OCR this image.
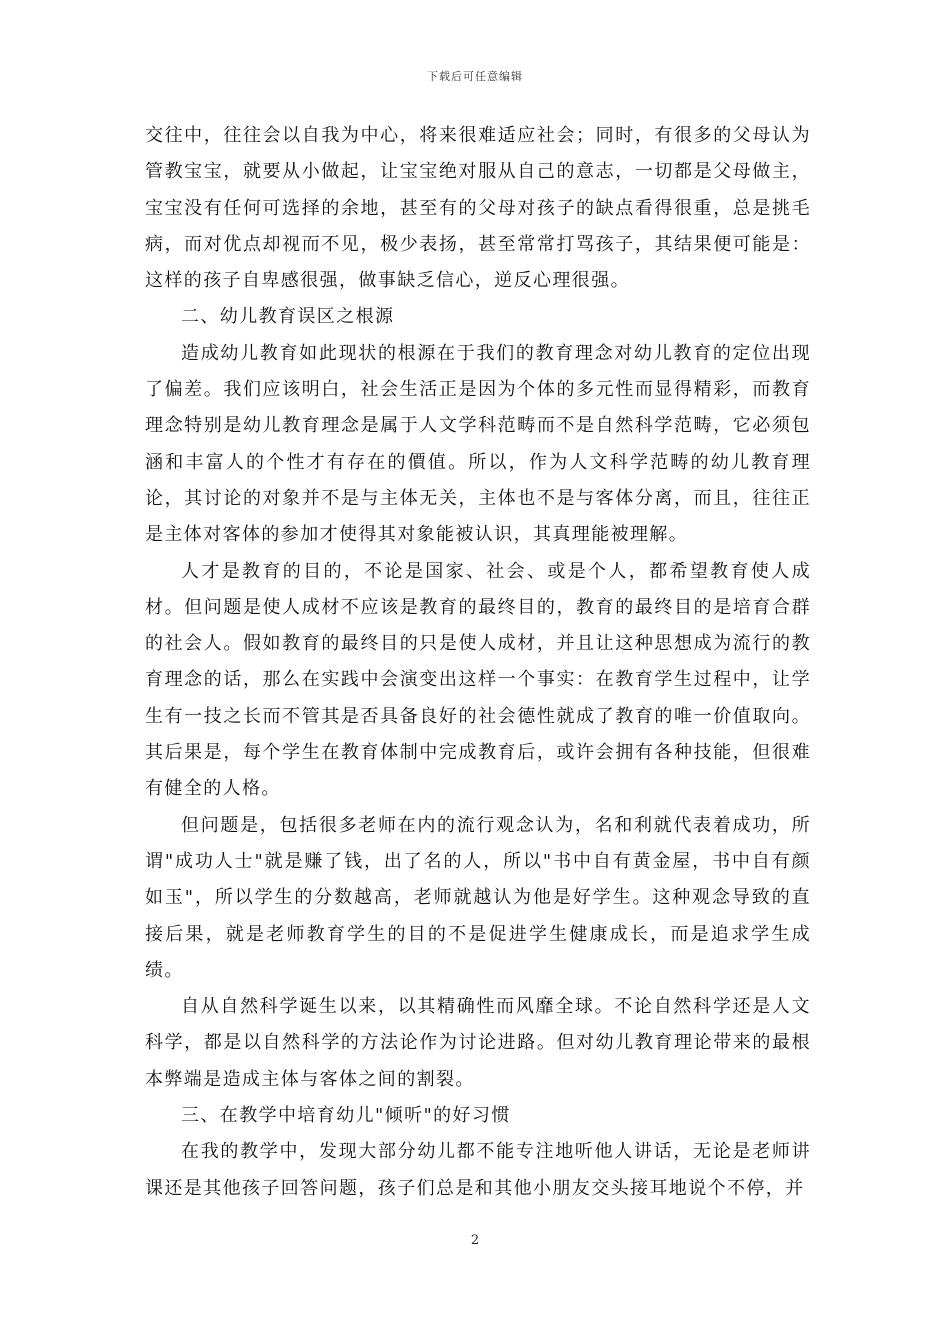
下载后可任意编辑

交往中，往往会以自我为中心，将来很难适应社会；同时，有很多的父母认为管教宝宝，就要从小做起，让宝宝绝对服从自己的意志，一切都是父母做主，宝宝没有任何可选择的余地，甚至有的父母对孩子的缺点看得很重，总是挑毛病，而对优点却视而不见，极少表扬，甚至常常打骂孩子，其结果便可能是：这样的孩子自卑感很强，做事缺乏信心，逆反心理很强。

二、幼儿教育误区之根源

造成幼儿教育如此现状的根源在于我们的教育理念对幼儿教育的定位出现了偏差。我们应该明白，社会生活正是因为个体的多元性而显得精彩，而教育理念特别是幼儿教育理念是属于人文学科范畴而不是自然科学范畴，它必须包涵和丰富人的个性才有存在的價值。所以，作为人文科学范畴的幼儿教育理论，其讨论的对象并不是与主体无关，主体也不是与客体分离，而且，往往正是主体对客体的参加才使得其对象能被认识，其真理能被理解。

人才是教育的目的，不论是国家、社会、或是个人，都希望教育使人成材。但问题是使人成材不应该是教育的最终目的，教育的最终目的是培育合群的社会人。假如教育的最终目的只是使人成材，并且让这种思想成为流行的教育理念的话，那么在实践中会演变出这样一个事实：在教育学生过程中，让学生有一技之长而不管其是否具备良好的社会德性就成了教育的唯一价值取向。其后果是，每个学生在教育体制中完成教育后，或许会拥有各种技能，但很难有健全的人格。

但问题是，包括很多老师在内的流行观念认为，名和利就代表着成功，所谓"成功人士"就是赚了钱，出了名的人，所以"书中自有黄金屋，书中自有颜如玉"，所以学生的分数越高，老师就越认为他是好学生。这种观念导致的直接后果，就是老师教育学生的目的不是促进学生健康成长，而是追求学生成绩。

自从自然科学诞生以来，以其精确性而风靡全球。不论自然科学还是人文科学，都是以自然科学的方法论作为讨论进路。但对幼儿教育理论带来的最根本弊端是造成主体与客体之间的割裂。

三、在教学中培育幼儿"倾听"的好习惯

在我的教学中，发现大部分幼儿都不能专注地听他人讲话，无论是老师讲课还是其他孩子回答问题，孩子们总是和其他小朋友交头接耳地说个不停，并

2
